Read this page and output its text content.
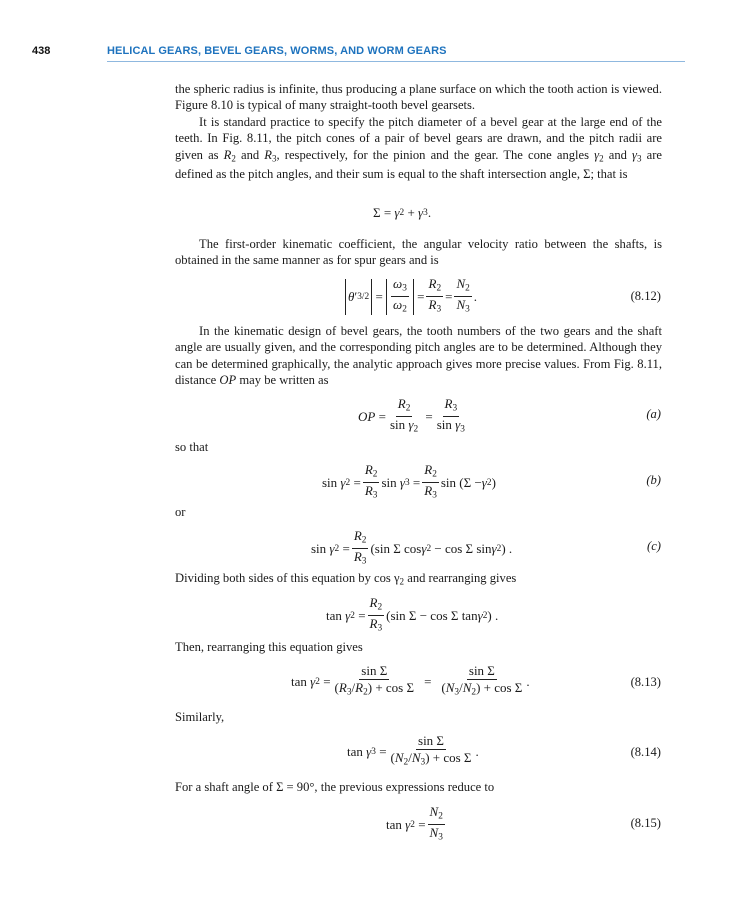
438	HELICAL GEARS, BEVEL GEARS, WORMS, AND WORM GEARS
the spheric radius is infinite, thus producing a plane surface on which the tooth action is viewed. Figure 8.10 is typical of many straight-tooth bevel gearsets.
It is standard practice to specify the pitch diameter of a bevel gear at the large end of the teeth. In Fig. 8.11, the pitch cones of a pair of bevel gears are drawn, and the pitch radii are given as $R_2$ and $R_3$, respectively, for the pinion and the gear. The cone angles $\gamma_2$ and $\gamma_3$ are defined as the pitch angles, and their sum is equal to the shaft intersection angle, Σ; that is
Σ = γ 2 + γ 3 .
The first-order kinematic coefficient, the angular velocity ratio between the shafts, is obtained in the same manner as for spur gears and is
θ ′ 3/2 =
$\omega_3$
$\omega_2$
=
$R_2$
$R_3$
=
$N_2$
$N_3$
.	(8.12)
In the kinematic design of bevel gears, the tooth numbers of the two gears and the shaft angle are usually given, and the corresponding pitch angles are to be determined. Although they can be determined graphically, the analytic approach gives more precise values. From Fig. 8.11, distance OP may be written as
OP =
$R_2$
$\sin \gamma_2$
=
$R_3$
$\sin \gamma_3$
(a)
so that
sin γ 2 =
$R_2$
$R_3$
sin γ 3 =
$R_2$
$R_3$
sin (Σ − γ 2 )	(b)
or
sin γ 2 =
$R_2$
$R_3$
(sin Σ cos γ 2 − cos Σ sin γ 2 ) .	(c)
Dividing both sides of this equation by $\cos \gamma_2$ and rearranging gives
tan γ 2 =
$R_2$
$R_3$
(sin Σ − cos Σ tan γ 2 ) .
Then, rearranging this equation gives
tan γ 2 =
sin Σ
$(R_3/R_2) + \cos \Sigma$ =
sin Σ
$(N_3/N_2) + \cos \Sigma$ .	(8.13)
Similarly,
tan γ 3 =
sin Σ
$(N_2/N_3) + \cos \Sigma$ .	(8.14)
For a shaft angle of Σ = 90°, the previous expressions reduce to
tan γ 2 =
$N_2$
$N_3$
(8.15)
